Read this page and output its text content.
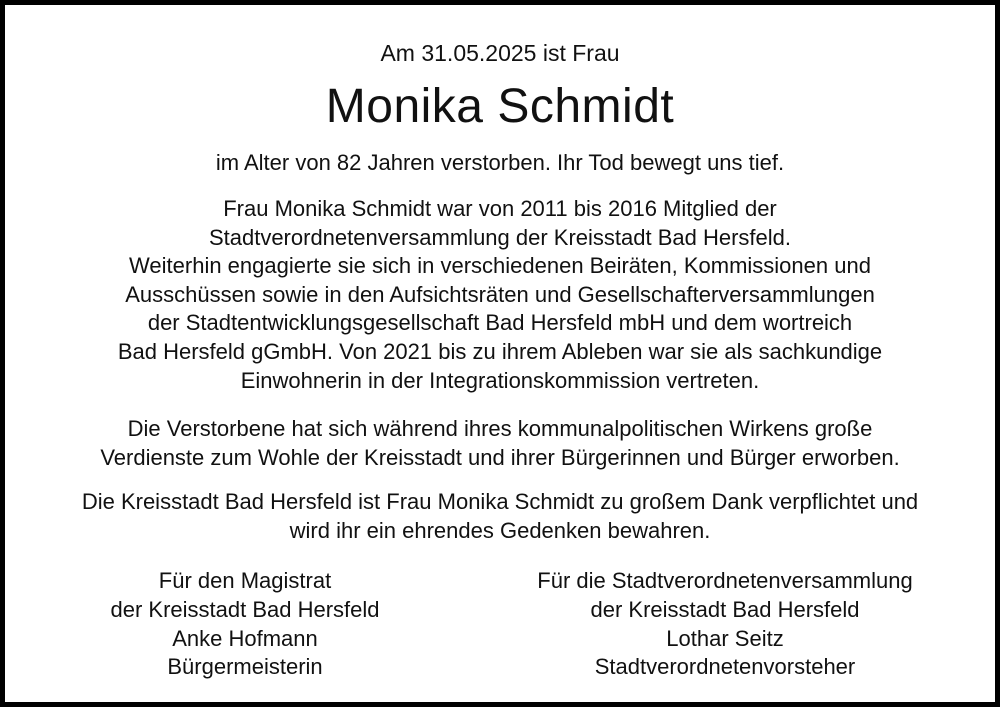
Am 31.05.2025 ist Frau
Monika Schmidt
im Alter von 82 Jahren verstorben. Ihr Tod bewegt uns tief.
Frau Monika Schmidt war von 2011 bis 2016 Mitglied der
Stadtverordnetenversammlung der Kreisstadt Bad Hersfeld.
Weiterhin engagierte sie sich in verschiedenen Beiräten, Kommissionen und
Ausschüssen sowie in den Aufsichtsräten und Gesellschafterversammlungen
der Stadtentwicklungsgesellschaft Bad Hersfeld mbH und dem wortreich
Bad Hersfeld gGmbH. Von 2021 bis zu ihrem Ableben war sie als sachkundige
Einwohnerin in der Integrationskommission vertreten.
Die Verstorbene hat sich während ihres kommunalpolitischen Wirkens große
Verdienste zum Wohle der Kreisstadt und ihrer Bürgerinnen und Bürger erworben.
Die Kreisstadt Bad Hersfeld ist Frau Monika Schmidt zu großem Dank verpflichtet und
wird ihr ein ehrendes Gedenken bewahren.
Für den Magistrat
der Kreisstadt Bad Hersfeld
Anke Hofmann
Bürgermeisterin
Für die Stadtverordnetenversammlung
der Kreisstadt Bad Hersfeld
Lothar Seitz
Stadtverordnetenvorsteher
